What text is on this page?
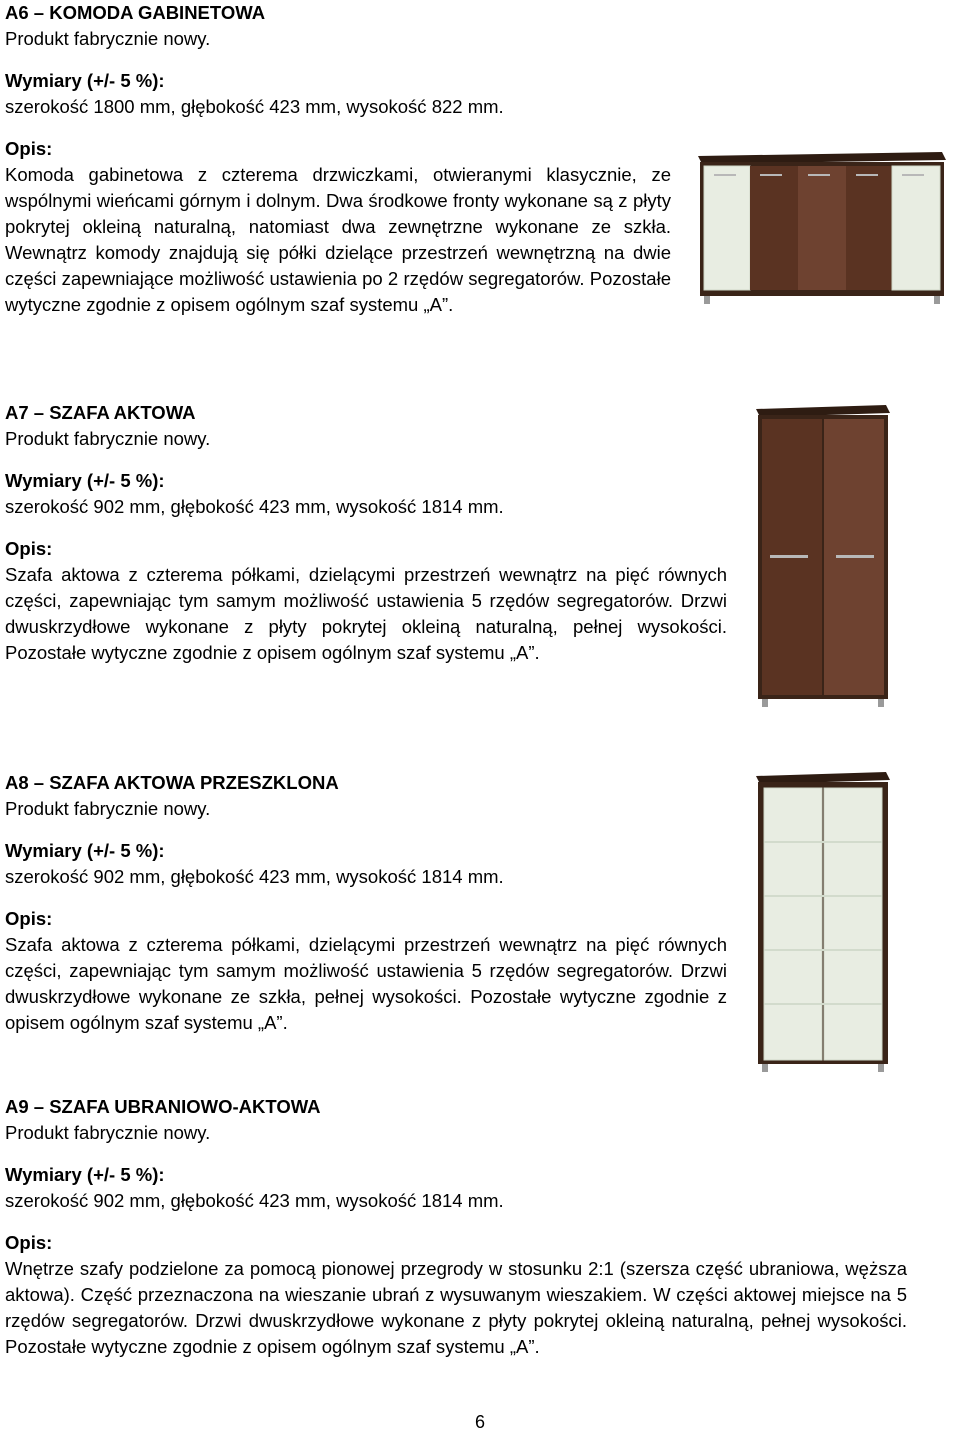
A6 – KOMODA GABINETOWA

Produkt fabrycznie nowy.

Wymiary (+/- 5 %):

szerokość 1800 mm, głębokość 423 mm, wysokość 822 mm.

Opis:

Komoda gabinetowa z czterema drzwiczkami, otwieranymi klasycznie, ze wspólnymi wieńcami górnym i dolnym. Dwa środkowe fronty wykonane są z płyty pokrytej okleiną naturalną, natomiast dwa zewnętrzne wykonane ze szkła. Wewnątrz komody znajdują się półki dzielące przestrzeń wewnętrzną na dwie części zapewniające możliwość ustawienia po 2 rzędów segregatorów. Pozostałe wytyczne zgodnie z opisem ogólnym szaf systemu „A”.

A7 – SZAFA AKTOWA

Produkt fabrycznie nowy.

Wymiary (+/- 5 %):

szerokość 902 mm, głębokość 423 mm, wysokość 1814 mm.

Opis:

Szafa aktowa z czterema półkami, dzielącymi przestrzeń wewnątrz na pięć równych części, zapewniając tym samym możliwość ustawienia 5 rzędów segregatorów. Drzwi dwuskrzydłowe wykonane z płyty pokrytej okleiną naturalną, pełnej wysokości. Pozostałe wytyczne zgodnie z opisem ogólnym szaf systemu „A”.

A8 – SZAFA AKTOWA PRZESZKLONA

Produkt fabrycznie nowy.

Wymiary (+/- 5 %):

szerokość 902 mm, głębokość 423 mm, wysokość 1814 mm.

Opis:

Szafa aktowa z czterema półkami, dzielącymi przestrzeń wewnątrz na pięć równych części, zapewniając tym samym możliwość ustawienia 5 rzędów segregatorów. Drzwi dwuskrzydłowe wykonane ze szkła, pełnej wysokości. Pozostałe wytyczne zgodnie z opisem ogólnym szaf systemu „A”.

A9 – SZAFA UBRANIOWO-AKTOWA

Produkt fabrycznie nowy.

Wymiary (+/- 5 %):

szerokość 902 mm, głębokość 423 mm, wysokość 1814 mm.

Opis:

Wnętrze szafy podzielone za pomocą pionowej przegrody w stosunku 2:1 (szersza część ubraniowa, węższa aktowa). Część przeznaczona na wieszanie ubrań z wysuwanym wieszakiem. W części aktowej miejsce na 5 rzędów segregatorów. Drzwi dwuskrzydłowe wykonane z płyty pokrytej okleiną naturalną, pełnej wysokości. Pozostałe wytyczne zgodnie z opisem ogólnym szaf systemu „A”.

6
